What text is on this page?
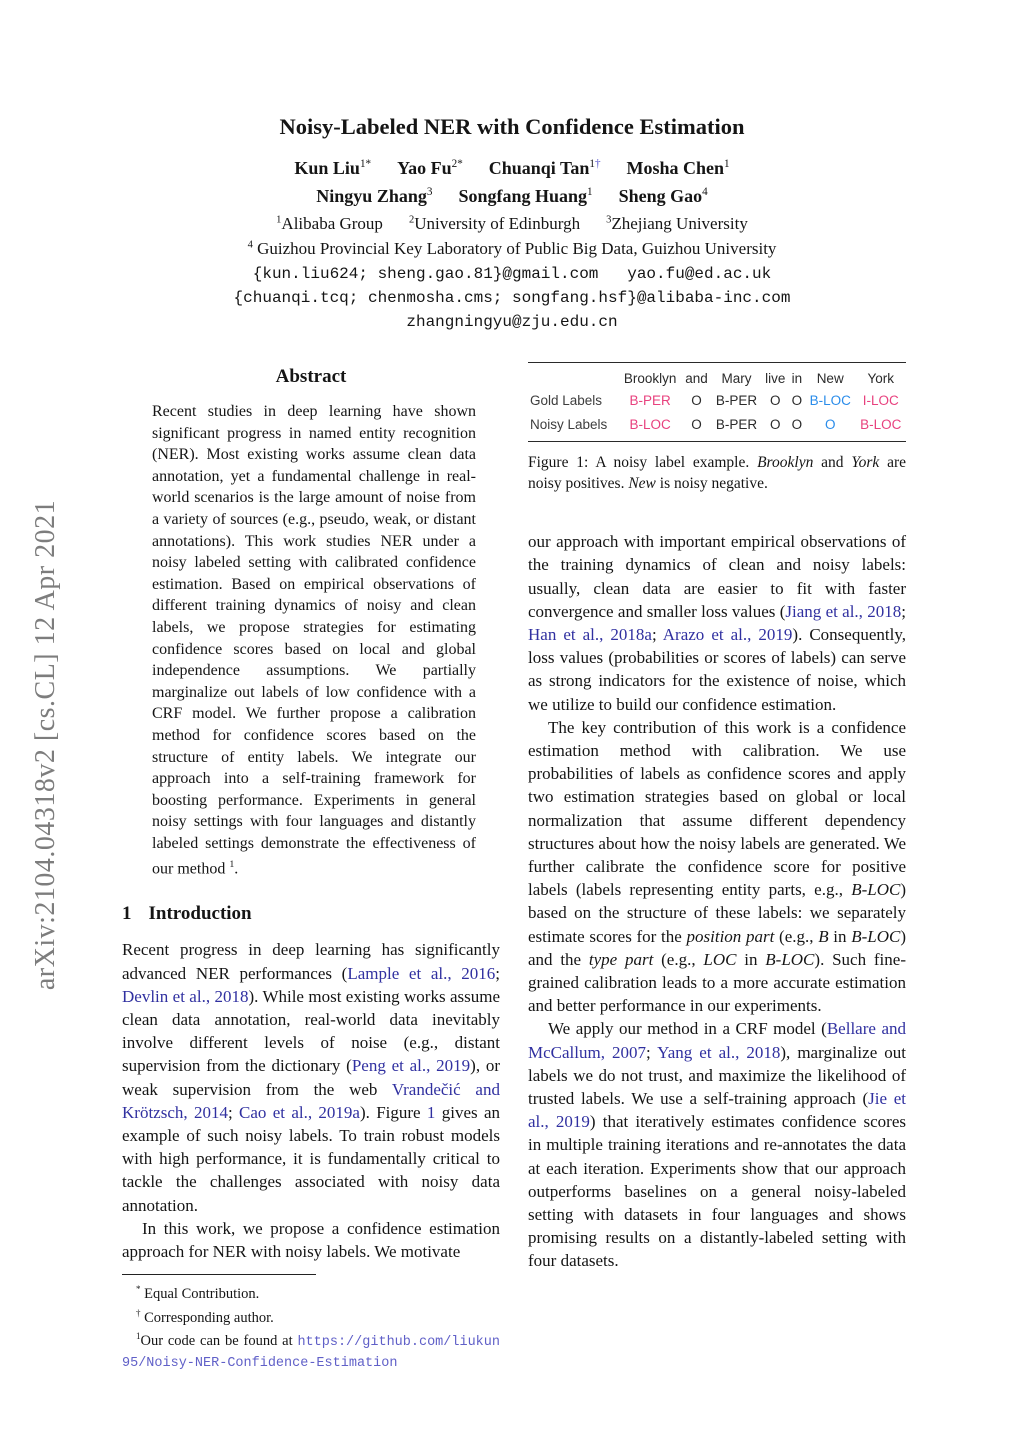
arXiv:2104.04318v2 [cs.CL] 12 Apr 2021
Noisy-Labeled NER with Confidence Estimation
Kun Liu$^{1*}$ Yao $Fu^{2*}$ Chuanqi Tan$^{1\dagger}$ Mosha Chen$^1$
Ningyu Zhang$^3$ Songfang Huang$^1$ Sheng Gao$^4$
$^1$Alibaba Group $^2$University of Edinburgh $^3$Zhejiang University
$^4$ Guizhou Provincial Key Laboratory of Public Big Data, Guizhou University
{kun.liu624; sheng.gao.81}@gmail.com   yao.fu@ed.ac.uk
{chuanqi.tcq; chenmosha.cms; songfang.hsf}@alibaba-inc.com
zhangningyu@zju.edu.cn
Abstract

Recent studies in deep learning have shown significant progress in named entity recognition (NER). Most existing works assume clean data annotation, yet a fundamental challenge in real-world scenarios is the large amount of noise from a variety of sources (e.g., pseudo, weak, or distant annotations). This work studies NER under a noisy labeled setting with calibrated confidence estimation. Based on empirical observations of different training dynamics of noisy and clean labels, we propose strategies for estimating confidence scores based on local and global independence assumptions. We partially marginalize out labels of low confidence with a CRF model. We further propose a calibration method for confidence scores based on the structure of entity labels. We integrate our approach into a self-training framework for boosting performance. Experiments in general noisy settings with four languages and distantly labeled settings demonstrate the effectiveness of our method $^1$.

1 Introduction

Recent progress in deep learning has significantly advanced NER performances (Lample et al., 2016; Devlin et al., 2018). While most existing works assume clean data annotation, real-world data inevitably involve different levels of noise (e.g., distant supervision from the dictionary (Peng et al., 2019), or weak supervision from the web Vrandečić and Krötzsch, 2014; Cao et al., 2019a). Figure 1 gives an example of such noisy labels. To train robust models with high performance, it is fundamentally critical to tackle the challenges associated with noisy data annotation.

In this work, we propose a confidence estimation approach for NER with noisy labels. We motivate

* Equal Contribution.

† Corresponding author.

$^1$Our code can be found at https://github.com/liukun95/Noisy-NER-Confidence-Estimation

	Brooklyn	and	Mary	live	in	New	York
Gold Labels	B-PER	O	B-PER	O	O	B-LOC	I-LOC
Noisy Labels	B-LOC	O	B-PER	O	O	O	B-LOC
Figure 1: A noisy label example. Brooklyn and York are noisy positives. New is noisy negative.

our approach with important empirical observations of the training dynamics of clean and noisy labels: usually, clean data are easier to fit with faster convergence and smaller loss values (Jiang et al., 2018; Han et al., 2018a; Arazo et al., 2019). Consequently, loss values (probabilities or scores of labels) can serve as strong indicators for the existence of noise, which we utilize to build our confidence estimation.

The key contribution of this work is a confidence estimation method with calibration. We use probabilities of labels as confidence scores and apply two estimation strategies based on global or local normalization that assume different dependency structures about how the noisy labels are generated. We further calibrate the confidence score for positive labels (labels representing entity parts, e.g., B-LOC) based on the structure of these labels: we separately estimate scores for the position part (e.g., B in B-LOC) and the type part (e.g., LOC in B-LOC). Such fine-grained calibration leads to a more accurate estimation and better performance in our experiments.

We apply our method in a CRF model (Bellare and McCallum, 2007; Yang et al., 2018), marginalize out labels we do not trust, and maximize the likelihood of trusted labels. We use a self-training approach (Jie et al., 2019) that iteratively estimates confidence scores in multiple training iterations and re-annotates the data at each iteration. Experiments show that our approach outperforms baselines on a general noisy-labeled setting with datasets in four languages and shows promising results on a distantly-labeled setting with four datasets.
